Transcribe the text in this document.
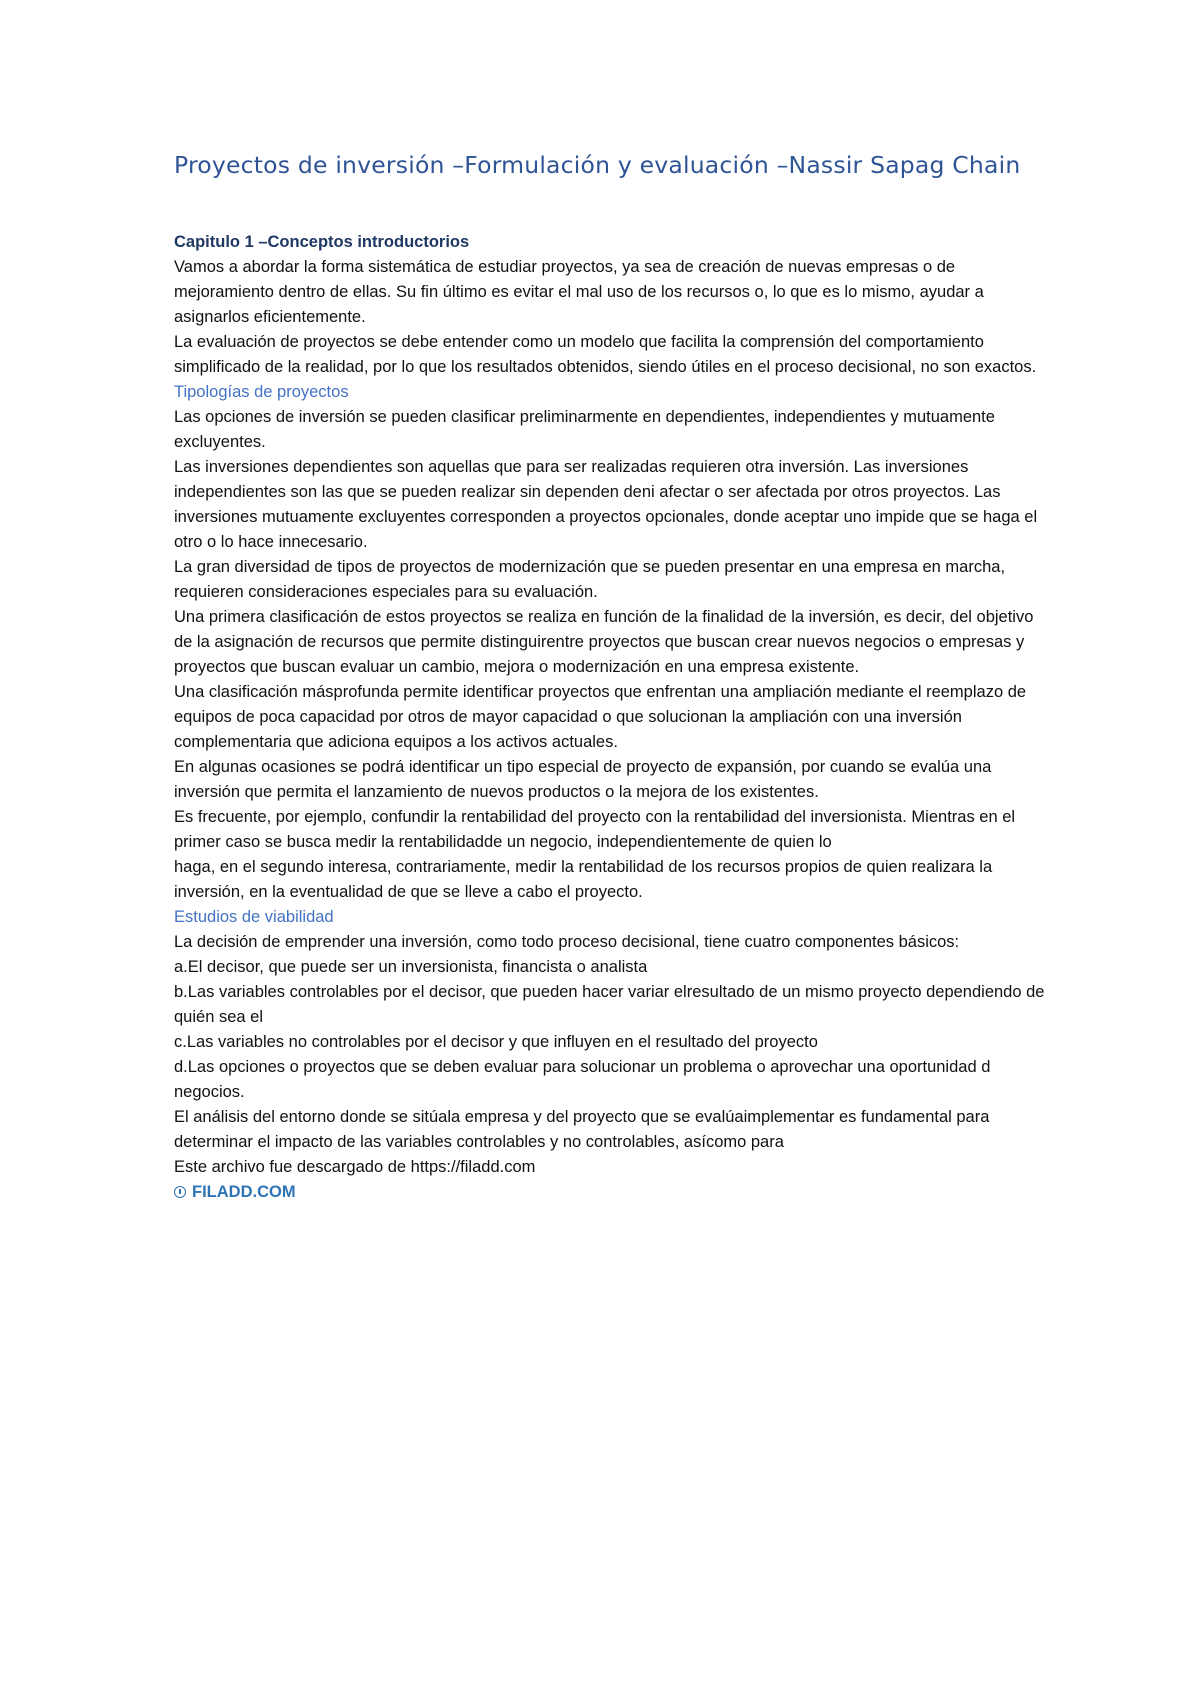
Proyectos de inversión –Formulación y evaluación –Nassir Sapag Chain

Capitulo 1 –Conceptos introductorios

Vamos a abordar la forma sistemática de estudiar proyectos, ya sea de creación de nuevas empresas o de mejoramiento dentro de ellas. Su fin último es evitar el mal uso de los recursos o, lo que es lo mismo, ayudar a asignarlos eficientemente.

La evaluación de proyectos se debe entender como un modelo que facilita la comprensión del comportamiento simplificado de la realidad, por lo que los resultados obtenidos, siendo útiles en el proceso decisional, no son exactos.

Tipologías de proyectos

Las opciones de inversión se pueden clasificar preliminarmente en dependientes, independientes y mutuamente excluyentes.

Las inversiones dependientes son aquellas que para ser realizadas requieren otra inversión. Las inversiones independientes son las que se pueden realizar sin dependen deni afectar o ser afectada por otros proyectos. Las inversiones mutuamente excluyentes corresponden a proyectos opcionales, donde aceptar uno impide que se haga el otro o lo hace innecesario.

La gran diversidad de tipos de proyectos de modernización que se pueden presentar en una empresa en marcha, requieren consideraciones especiales para su evaluación.

Una primera clasificación de estos proyectos se realiza en función de la finalidad de la inversión, es decir, del objetivo de la asignación de recursos que permite distinguirentre proyectos que buscan crear nuevos negocios o empresas y proyectos que buscan evaluar un cambio, mejora o modernización en una empresa existente.

Una clasificación másprofunda permite identificar proyectos que enfrentan una ampliación mediante el reemplazo de equipos de poca capacidad por otros de mayor capacidad o que solucionan la ampliación con una inversión complementaria que adiciona equipos a los activos actuales.

En algunas ocasiones se podrá identificar un tipo especial de proyecto de expansión, por cuando se evalúa una inversión que permita el lanzamiento de nuevos productos o la mejora de los existentes.

Es frecuente, por ejemplo, confundir la rentabilidad del proyecto con la rentabilidad del inversionista. Mientras en el primer caso se busca medir la rentabilidadde un negocio, independientemente de quien lo

haga, en el segundo interesa, contrariamente, medir la rentabilidad de los recursos propios de quien realizara la inversión, en la eventualidad de que se lleve a cabo el proyecto.

Estudios de viabilidad

La decisión de emprender una inversión, como todo proceso decisional, tiene cuatro componentes básicos:

a.El decisor, que puede ser un inversionista, financista o analista

b.Las variables controlables por el decisor, que pueden hacer variar elresultado de un mismo proyecto dependiendo de quién sea el

c.Las variables no controlables por el decisor y que influyen en el resultado del proyecto

d.Las opciones o proyectos que se deben evaluar para solucionar un problema o aprovechar una oportunidad d negocios.

El análisis del entorno donde se sitúala empresa y del proyecto que se evalúaimplementar es fundamental para determinar el impacto de las variables controlables y no controlables, asícomo para

Este archivo fue descargado de https://filadd.com

FILADD.COM
